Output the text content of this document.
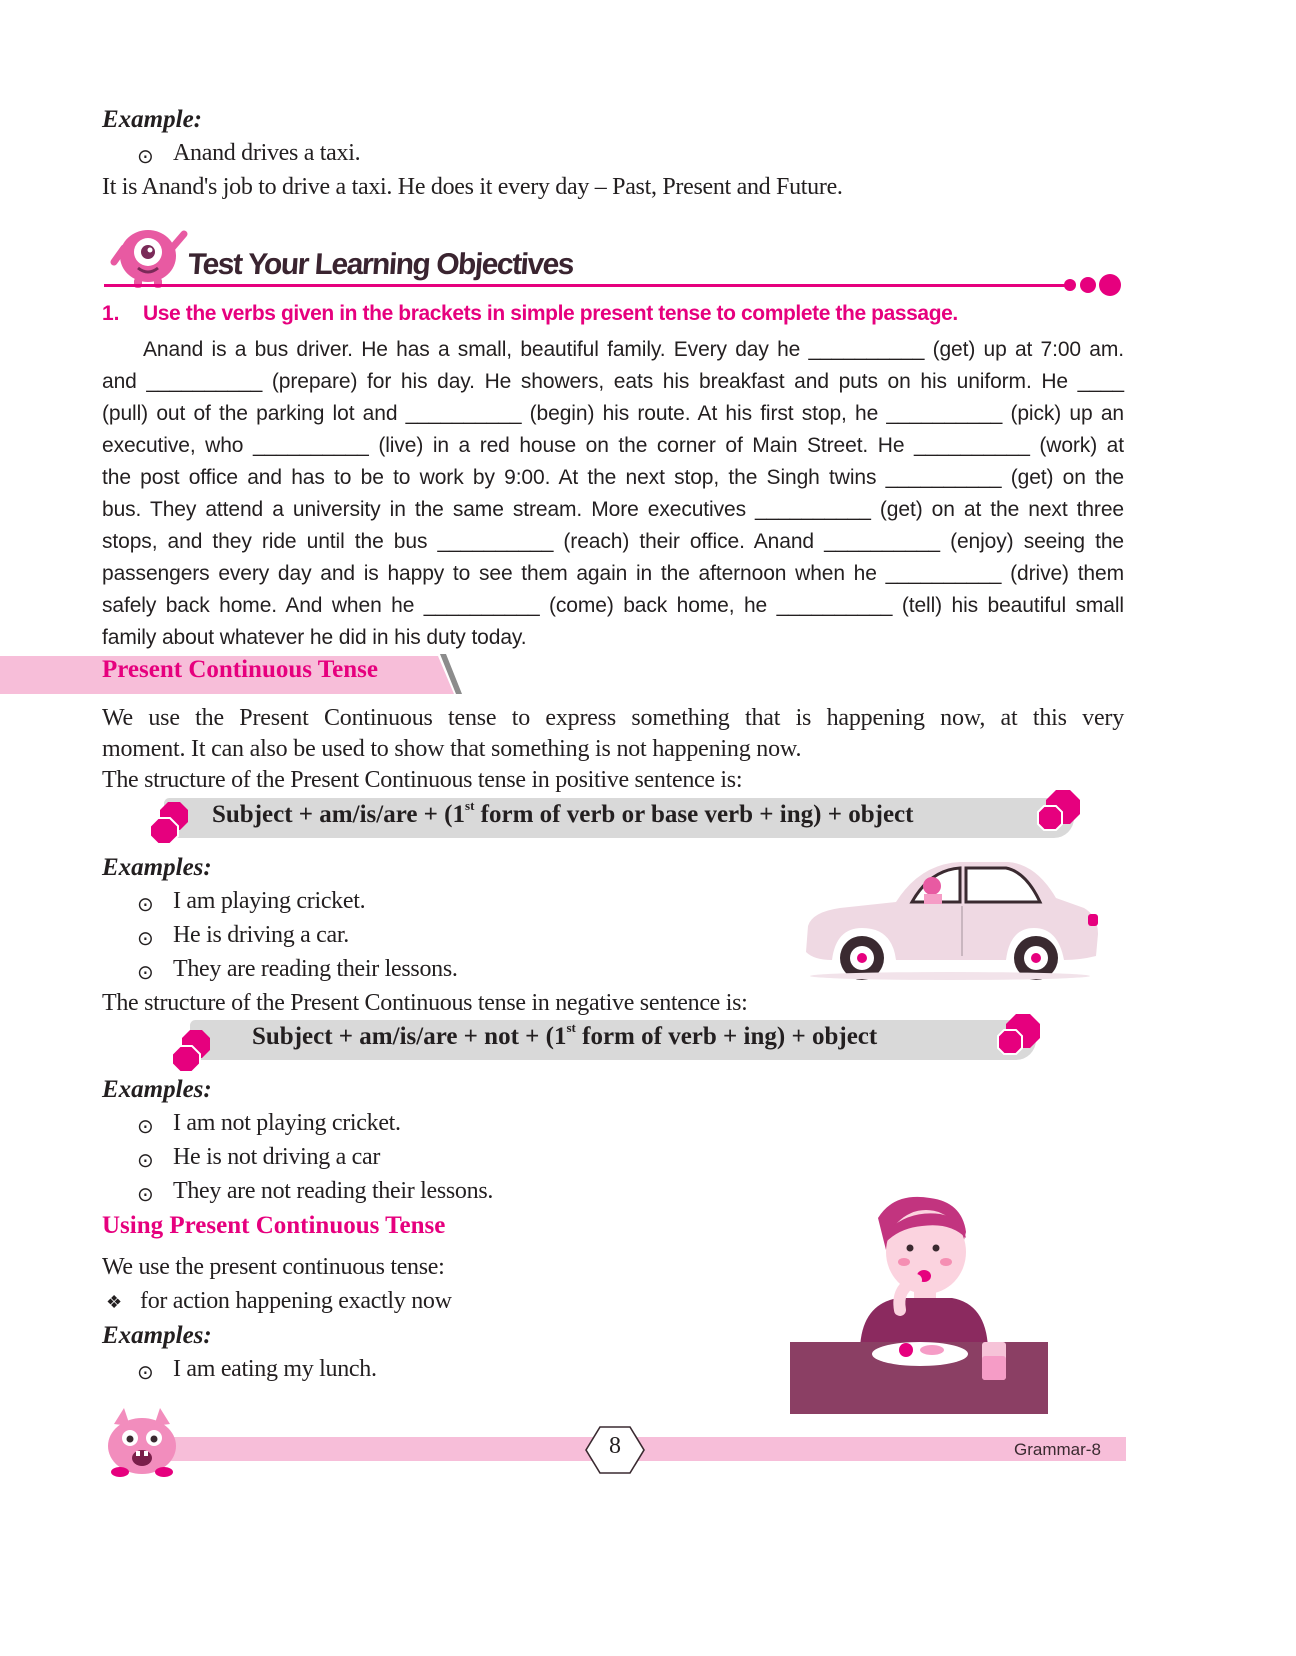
Example:
⊙ Anand drives a taxi.
It is Anand's job to drive a taxi. He does it every day – Past, Present and Future.
Test Your Learning Objectives
1. Use the verbs given in the brackets in simple present tense to complete the passage.
Anand is a bus driver. He has a small, beautiful family. Every day he __________ (get) up at 7:00 am.
and __________ (prepare) for his day. He showers, eats his breakfast and puts on his uniform. He ____
(pull) out of the parking lot and __________ (begin) his route. At his first stop, he __________ (pick) up an
executive, who __________ (live) in a red house on the corner of Main Street. He __________ (work) at
the post office and has to be to work by 9:00. At the next stop, the Singh twins __________ (get) on the
bus. They attend a university in the same stream. More executives __________ (get) on at the next three
stops, and they ride until the bus __________ (reach) their office. Anand __________ (enjoy) seeing the
passengers every day and is happy to see them again in the afternoon when he __________ (drive) them
safely back home. And when he __________ (come) back home, he __________ (tell) his beautiful small
family about whatever he did in his duty today.
Present Continuous Tense
We use the Present Continuous tense to express something that is happening now, at this very
moment. It can also be used to show that something is not happening now.
The structure of the Present Continuous tense in positive sentence is:
Subject + am/is/are + (1st form of verb or base verb + ing) + object
Examples:
⊙ I am playing cricket.
⊙ He is driving a car.
⊙ They are reading their lessons.
The structure of the Present Continuous tense in negative sentence is:
Subject + am/is/are + not + (1st form of verb + ing) + object
Examples:
⊙ I am not playing cricket.
⊙ He is not driving a car
⊙ They are not reading their lessons.
Using Present Continuous Tense
We use the present continuous tense:
❖ for action happening exactly now
Examples:
⊙ I am eating my lunch.
8	Grammar-8
